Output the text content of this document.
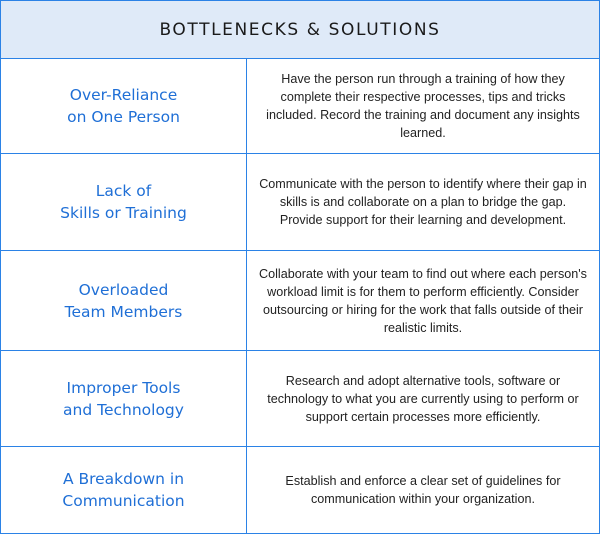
BOTTLENECKS & SOLUTIONS
Over-Reliance
on One Person
Have the person run through a training of how they complete their respective processes, tips and tricks included. Record the training and document any insights learned.
Lack of
Skills or Training
Communicate with the person to identify where their gap in skills is and collaborate on a plan to bridge the gap. Provide support for their learning and development.
Overloaded
Team Members
Collaborate with your team to find out where each person's workload limit is for them to perform efficiently. Consider outsourcing or hiring for the work that falls outside of their realistic limits.
Improper Tools
and Technology
Research and adopt alternative tools, software or technology to what you are currently using to perform or support certain processes more efficiently.
A Breakdown in
Communication
Establish and enforce a clear set of guidelines for communication within your organization.
